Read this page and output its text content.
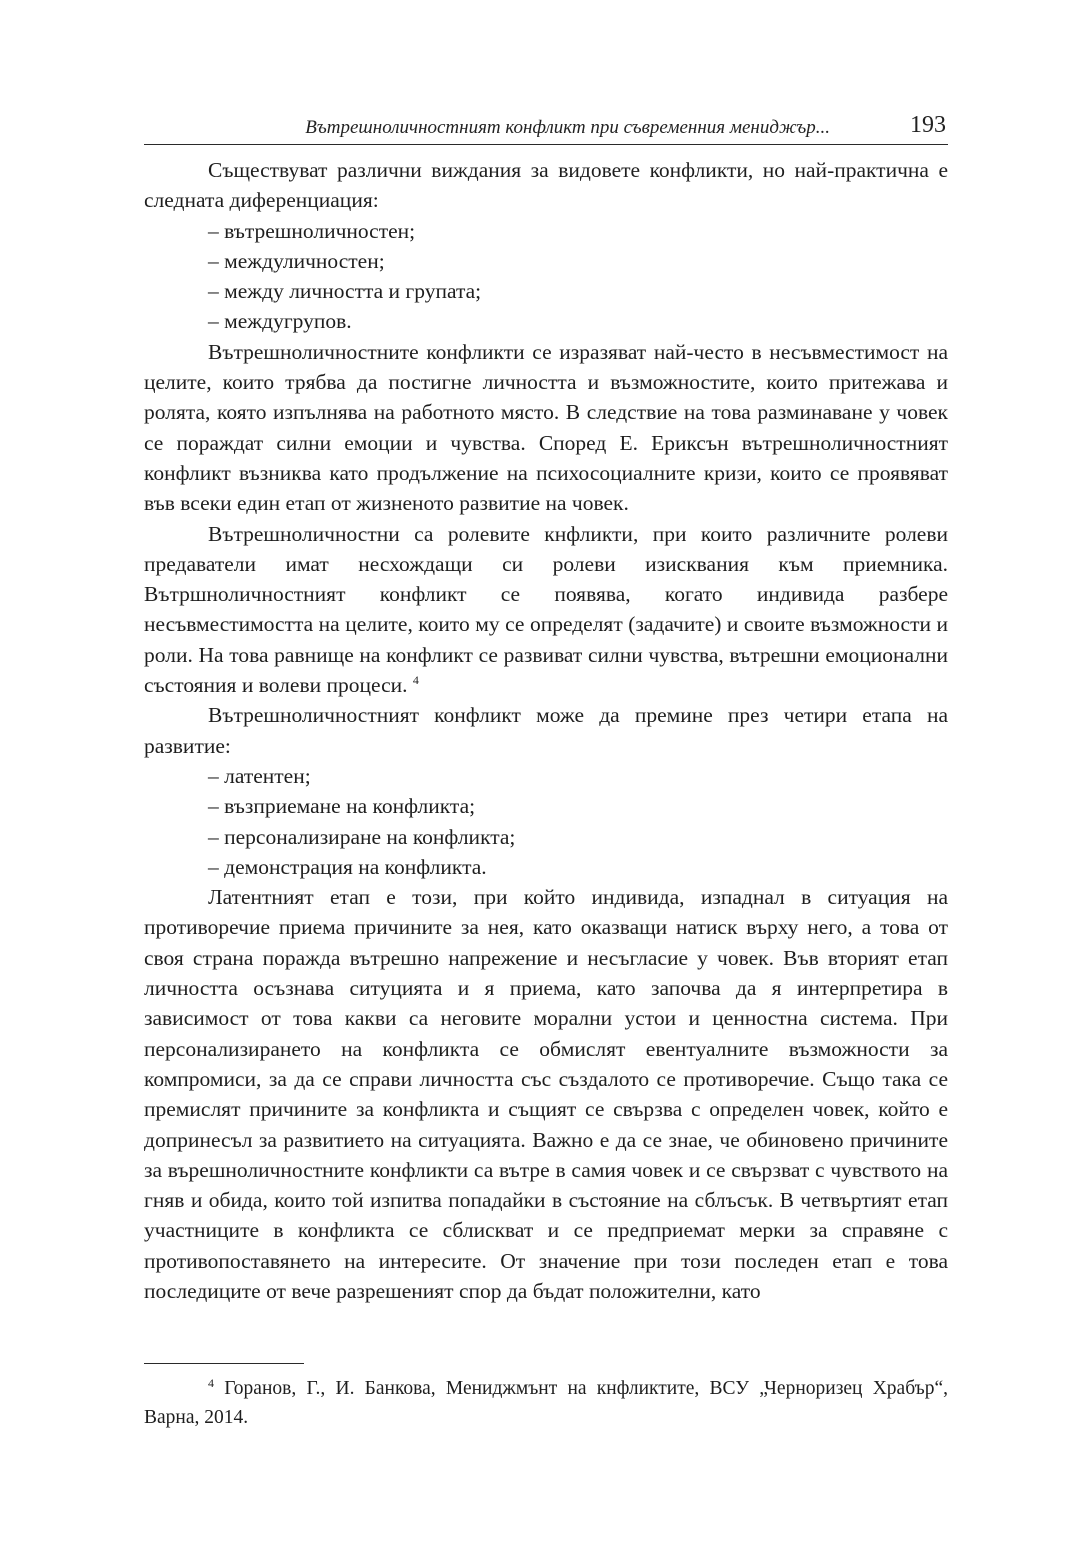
Вътрешноличностният конфликт при съвременния мениджър...	193

Съществуват различни виждания за видовете конфликти, но най-практична е следната диференциация:

– вътрешноличностен;
– междуличностен;
– между личността и групата;
– междугрупов.

Вътрешноличностните конфликти се изразяват най-често в несъвместимост на целите, които трябва да постигне личността и възможностите, които притежава и ролята, която изпълнява на работното място. В следствие на това разминаване у човек се пораждат силни емоции и чувства. Според Е. Ериксън вътрешноличностният конфликт възниква като продължение на психосоциалните кризи, които се проявяват във всеки един етап от жизненото развитие на човек.

Вътрешноличностни са ролевите кнфликти, при които различните ролеви предаватели имат несхождащи си ролеви изисквания към приемника. Вътршноличностният конфликт се появява, когато индивида разбере несъвместимостта на целите, които му се определят (задачите) и своите възможности и роли. На това равнище на конфликт се развиват силни чувства, вътрешни емоционални състояния и волеви процеси. $^4$

Вътрешноличностният конфликт може да премине през четири етапа на развитие:

– латентен;
– възприемане на конфликта;
– персонализиране на конфликта;
– демонстрация на конфликта.

Латентният етап е този, при който индивида, изпаднал в ситуация на противоречие приема причините за нея, като оказващи натиск върху него, а това от своя страна поражда вътрешно напрежение и несъгласие у човек. Във вторият етап личността осъзнава ситуцията и я приема, като започва да я интерпретира в зависимост от това какви са неговите морални устои и ценностна система. При персонализирането на конфликта се обмислят евентуалните възможности за компромиси, за да се справи личността със създалото се противоречие. Също така се премислят причините за конфликта и същият се свързва с определен човек, който е допринесъл за развитието на ситуацията. Важно е да се знае, че обиновено причините за върешноличностните конфликти са вътре в самия човек и се свързват с чувството на гняв и обида, които той изпитва попадайки в състояние на сблъсък. В четвъртият етап участниците в конфликта се сблискват и се предприемат мерки за справяне с противопоставянето на интересите. От значение при този последен етап е това последиците от вече разрешеният спор да бъдат положителни, като

$^4$ Горанов, Г., И. Банкова, Мениджмънт на кнфликтите, ВСУ „Черноризец Храбър“, Варна, 2014.
